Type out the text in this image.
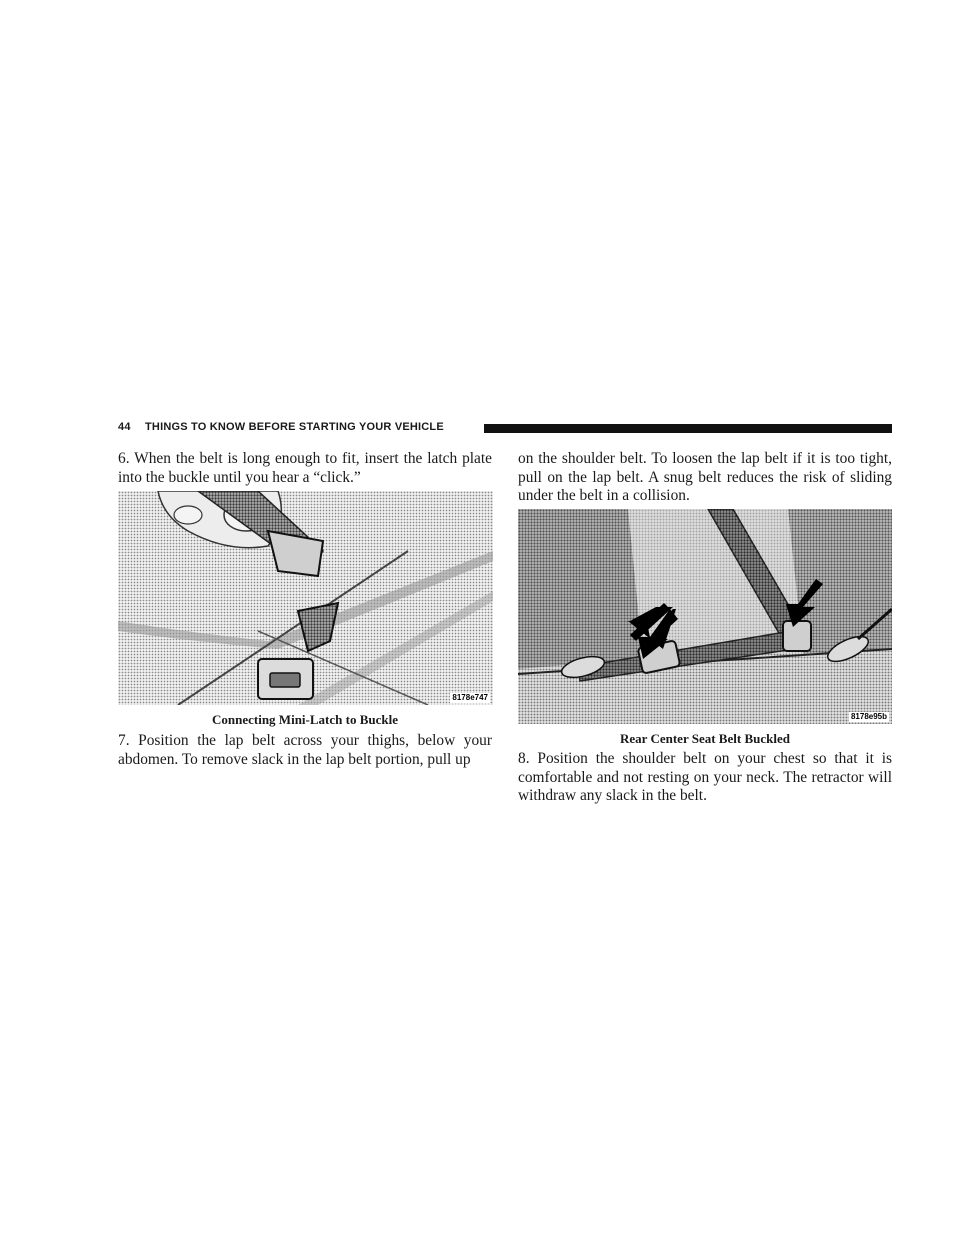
44 THINGS TO KNOW BEFORE STARTING YOUR VEHICLE

6. When the belt is long enough to fit, insert the latch plate into the buckle until you hear a “click.”

8178e747

Connecting Mini-Latch to Buckle

7. Position the lap belt across your thighs, below your abdomen. To remove slack in the lap belt portion, pull up

on the shoulder belt. To loosen the lap belt if it is too tight, pull on the lap belt. A snug belt reduces the risk of sliding under the belt in a collision.

8178e95b

Rear Center Seat Belt Buckled

8. Position the shoulder belt on your chest so that it is comfortable and not resting on your neck. The retractor will withdraw any slack in the belt.
